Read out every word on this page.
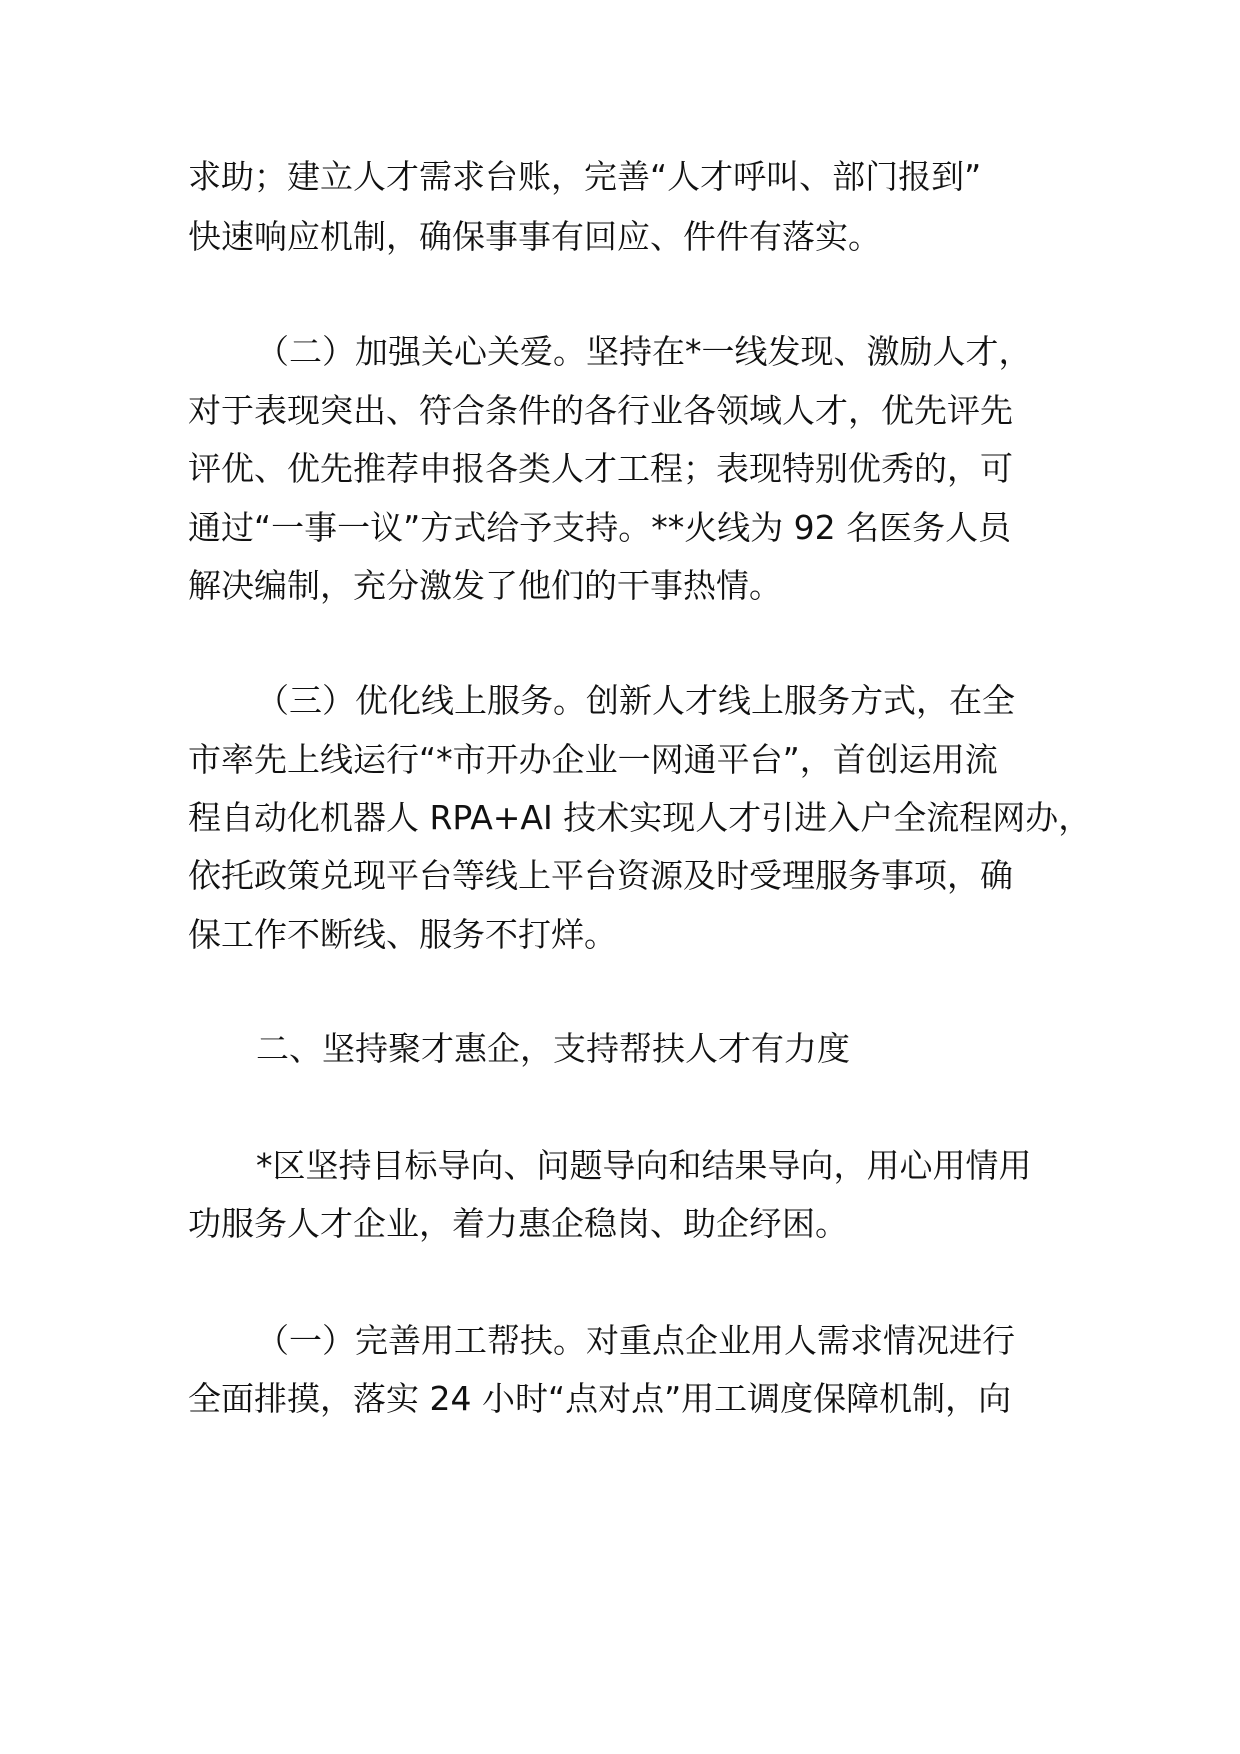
求助；建立人才需求台账，完善“人才呼叫、部门报到”

快速响应机制，确保事事有回应、件件有落实。

（二）加强关心关爱。坚持在*一线发现、激励人才，

对于表现突出、符合条件的各行业各领域人才，优先评先

评优、优先推荐申报各类人才工程；表现特别优秀的，可

通过“一事一议”方式给予支持。**火线为 92 名医务人员

解决编制，充分激发了他们的干事热情。

（三）优化线上服务。创新人才线上服务方式，在全

市率先上线运行“*市开办企业一网通平台”，首创运用流

程自动化机器人 RPA+AI 技术实现人才引进入户全流程网办，

依托政策兑现平台等线上平台资源及时受理服务事项，确

保工作不断线、服务不打烊。

二、坚持聚才惠企，支持帮扶人才有力度

*区坚持目标导向、问题导向和结果导向，用心用情用

功服务人才企业，着力惠企稳岗、助企纾困。

（一）完善用工帮扶。对重点企业用人需求情况进行

全面排摸，落实 24 小时“点对点”用工调度保障机制，向
